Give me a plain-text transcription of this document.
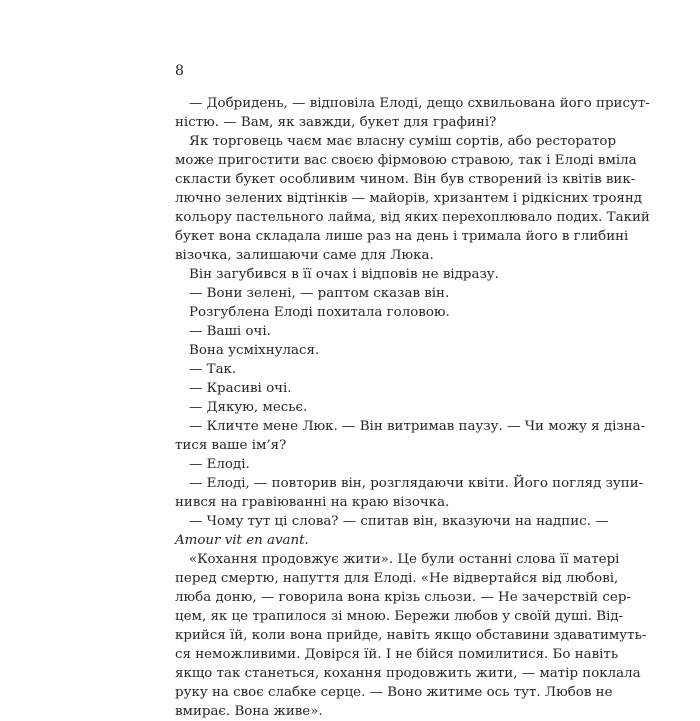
8
— Добридень, — відповіла Елоді, дещо схвильована його присут-
ністю. — Вам, як завжди, букет для графині?
Як торговець чаєм має власну суміш сортів, або ресторатор
може пригостити вас своєю фірмовою стравою, так і Елоді вміла
скласти букет особливим чином. Він був створений із квітів вик-
лючно зелених відтінків — майорів, хризантем і рідкісних троянд
кольору пастельного лайма, від яких перехоплювало подих. Такий
букет вона складала лише раз на день і тримала його в глибині
візочка, залишаючи саме для Люка.
Він загубився в її очах і відповів не відразу.
— Вони зелені, — раптом сказав він.
Розгублена Елоді похитала головою.
— Ваші очі.
Вона усміхнулася.
— Так.
— Красиві очі.
— Дякую, месьє.
— Кличте мене Люк. — Він витримав паузу. — Чи можу я дізна-
тися ваше ім’я?
— Елоді.
— Елоді, — повторив він, розглядаючи квіти. Його погляд зупи-
нився на гравіюванні на краю візочка.
— Чому тут ці слова? — спитав він, вказуючи на надпис. —
Amour vit en avant.
«Кохання продовжує жити». Це були останні слова її матері
перед смертю, напуття для Елоді. «Не відвертайся від любові,
люба доню, — говорила вона крізь сльози. — Не зачерствій сер-
цем, як це трапилося зі мною. Бережи любов у своїй душі. Від-
крийся їй, коли вона прийде, навіть якщо обставини здаватимуть-
ся неможливими. Довірся їй. І не бійся помилитися. Бо навіть
якщо так станеться, кохання продовжить жити, — матір поклала
руку на своє слабке серце. — Воно житиме ось тут. Любов не
вмирає. Вона живе».
